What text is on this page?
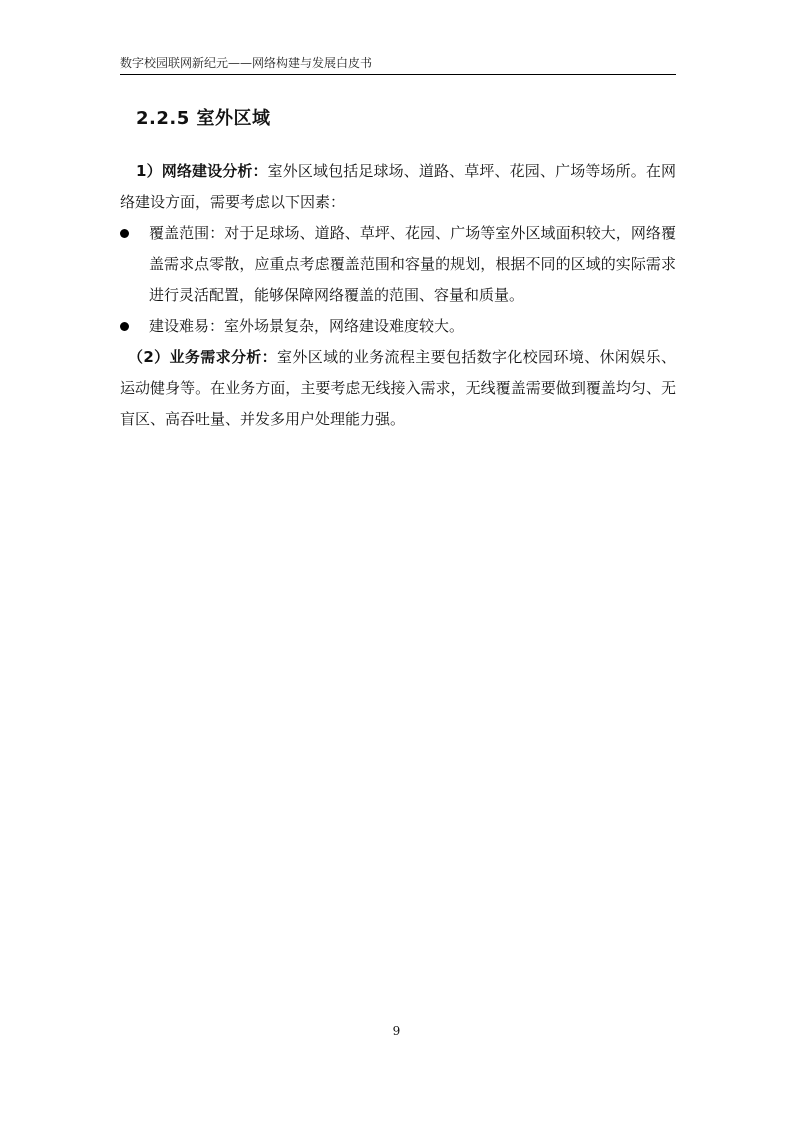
数字校园联网新纪元——网络构建与发展白皮书
2.2.5 室外区域
1）网络建设分析：室外区域包括足球场、道路、草坪、花园、广场等场所。在网络建设方面，需要考虑以下因素：
覆盖范围：对于足球场、道路、草坪、花园、广场等室外区域面积较大，网络覆盖需求点零散，应重点考虑覆盖范围和容量的规划，根据不同的区域的实际需求进行灵活配置，能够保障网络覆盖的范围、容量和质量。
建设难易：室外场景复杂，网络建设难度较大。
（2）业务需求分析：室外区域的业务流程主要包括数字化校园环境、休闲娱乐、运动健身等。在业务方面，主要考虑无线接入需求，无线覆盖需要做到覆盖均匀、无盲区、高吞吐量、并发多用户处理能力强。
9
